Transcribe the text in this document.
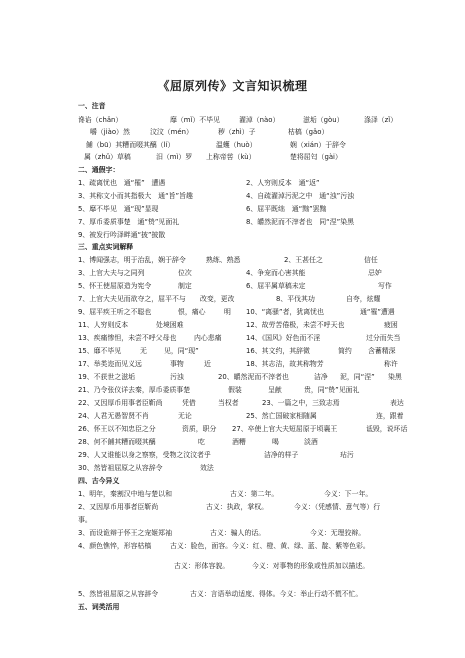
《屈原列传》文言知识梳理
一、注音
谗谄（chǎn）	靡（mǐ）不毕见	濯淖（nào）	滋垢（gòu）	涤泽（zǐ）
嚼（jiào）然	汶汶（mén）	秽（zhì）子	枯槁（gǎo）
餔（bū）其糟而啜其醨（lí）	温蠖（huò）	娴（xián）于辞令
属（zhǔ）草稿	汨（mì）罗 上称帝喾（kù）	楚将屈匄（gài）
二、通假字：
1、疏离忧也　通“罹”　遭遇	2、人穷则反本　通“返”
3、其称文小而其指极大　通“旨”旨趣	4、自疏濯淖污泥之中　通“浊”污浊
5、靡不毕见　通“现”显现	6、屈平既绌　通“黜”罢黜
7、厚币委质事楚　通“贽”见面礼	8、皭然泥而不滓者也　同“涅”染黑
9、被发行吟泽畔通“披”披散
三、重点实词解释
1、博闻强志，明于治乱，娴于辞令	熟练、熟悉	2、王甚任之	信任
3、上官大夫与之同列	位次	4、争宠而心害其能	忌妒
5、怀王使屈原造为宪令	制定	6、屈平属草稿未定	写作
7、上官大夫见而欲夺之，屈平不与 改变，更改	8、平伐其功	自夸，炫耀
9、屈平疾王听之不聪也	恨，痛心	明 10、“离骚”者，犹离忧也	通“罹”遭遇
11、人穷则反本	处境困难	12、故劳苦倦极，未尝不呼天也	疲困
13、疾痛惨怛，未尝不呼父母也	内心悲痛	14、《国风》好色而不淫	过分而失当
15、靡不毕见	无 见，同“现”	16、其文约，其辞微	简约 含蓄精深
17、举类迩而见义远	事物	近	18、其志洁，故其称物芳	称许
19、不获世之滋垢	污浊	20、皭然泥而不滓者也	洁净 泥，同“涅” 染黑
21、乃令张仪详去秦，厚币委质事楚	假装	呈献	贵，同“贽”见面礼
22、又因厚币用事者臣靳尚	凭借	当权者	23、一篇之中，三致志焉	表达
24、人君无愚智贤不肖	无论	25、然亡国破家相随属	连，跟着
26、怀王以不知忠臣之分	资质，职分 27、卒使上官大夫短屈原于顷襄王	诋毁，说坏话
28、何不餔其糟而啜其醨	吃	酒糟	喝	淡酒
29、人又谁能以身之察察，受物之汶汶者乎	洁净的样子	玷污
30、然皆祖屈原之从容辞令	效法
四、古今异义
1、明年，秦割汉中地与楚以和	古义：第二年。	今义：下一年。
2、又因厚币用事者臣靳尚	古义：执政，掌权。	今义：（凭感情、意气等）行
事。
3、而设诡辩于怀王之宠姬郑袖	古义：骗人的话。	今义：无理狡辩。
4、颜色憔悴，形容枯槁	古义：脸色，面容。今义：红、橙、黄、绿、蓝、靛、紫等色彩。
古义：形体容貌。	今义：对事物的形象或性质加以描述。
5、然皆祖屈原之从容辞令	古义：言语举动适度、得体。今义：举止行动不慌不忙。
五、词类活用
